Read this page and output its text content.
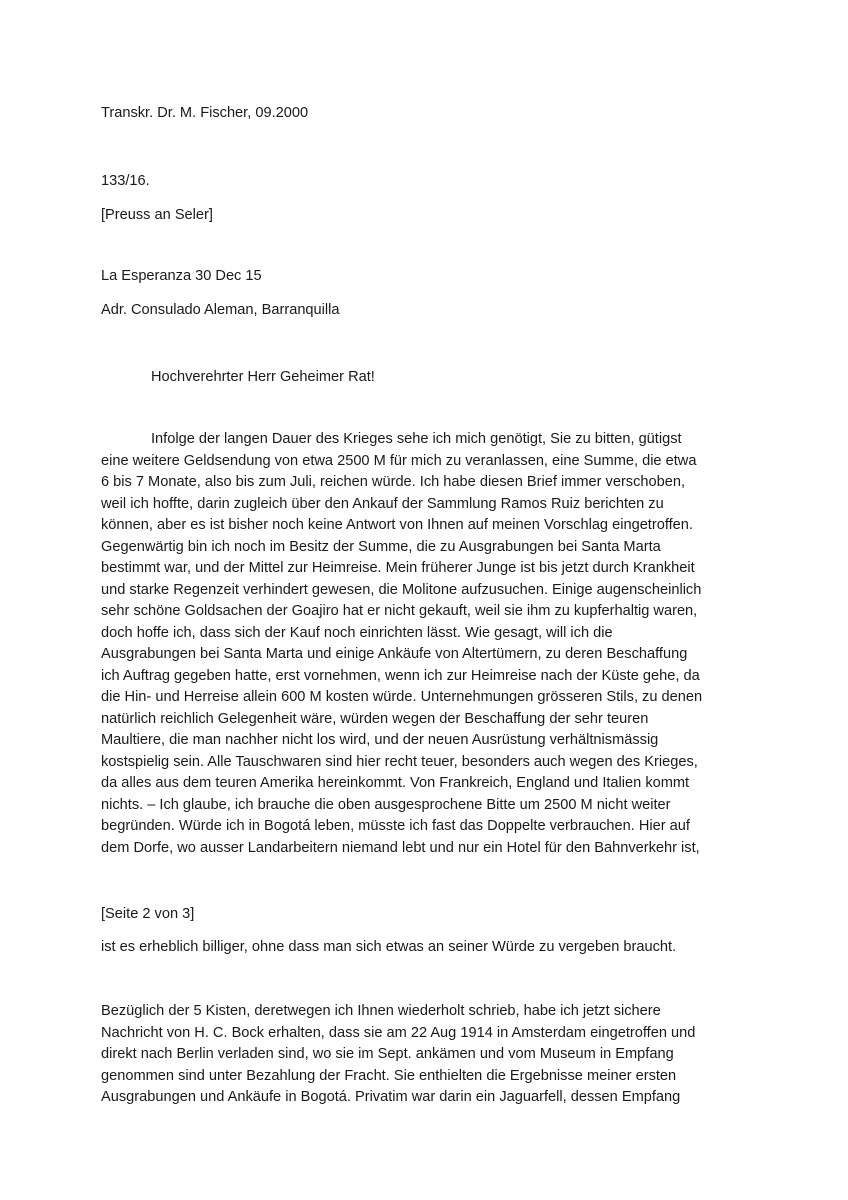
Transkr. Dr. M. Fischer, 09.2000
133/16.
[Preuss an Seler]
La Esperanza 30 Dec 15
Adr. Consulado Aleman, Barranquilla
Hochverehrter Herr Geheimer Rat!

Infolge der langen Dauer des Krieges sehe ich mich genötigt, Sie zu bitten, gütigst

eine weitere Geldsendung von etwa 2500 M für mich zu veranlassen, eine Summe, die etwa

6 bis 7 Monate, also bis zum Juli, reichen würde. Ich habe diesen Brief immer verschoben,

weil ich hoffte, darin zugleich über den Ankauf der Sammlung Ramos Ruiz berichten zu

können, aber es ist bisher noch keine Antwort von Ihnen auf meinen Vorschlag eingetroffen.

Gegenwärtig bin ich noch im Besitz der Summe, die zu Ausgrabungen bei Santa Marta

bestimmt war, und der Mittel zur Heimreise. Mein früherer Junge ist bis jetzt durch Krankheit

und starke Regenzeit verhindert gewesen, die Molitone aufzusuchen. Einige augenscheinlich

sehr schöne Goldsachen der Goajiro hat er nicht gekauft, weil sie ihm zu kupferhaltig waren,

doch hoffe ich, dass sich der Kauf noch einrichten lässt. Wie gesagt, will ich die

Ausgrabungen bei Santa Marta und einige Ankäufe von Altertümern, zu deren Beschaffung

ich Auftrag gegeben hatte, erst vornehmen, wenn ich zur Heimreise nach der Küste gehe, da

die Hin- und Herreise allein 600 M kosten würde. Unternehmungen grösseren Stils, zu denen

natürlich reichlich Gelegenheit wäre, würden wegen der Beschaffung der sehr teuren

Maultiere, die man nachher nicht los wird, und der neuen Ausrüstung verhältnismässig

kostspielig sein. Alle Tauschwaren sind hier recht teuer, besonders auch wegen des Krieges,

da alles aus dem teuren Amerika hereinkommt. Von Frankreich, England und Italien kommt

nichts. – Ich glaube, ich brauche die oben ausgesprochene Bitte um 2500 M nicht weiter

begründen. Würde ich in Bogotá leben, müsste ich fast das Doppelte verbrauchen. Hier auf

dem Dorfe, wo ausser Landarbeitern niemand lebt und nur ein Hotel für den Bahnverkehr ist,

[Seite 2 von 3]
ist es erheblich billiger, ohne dass man sich etwas an seiner Würde zu vergeben braucht.

Bezüglich der 5 Kisten, deretwegen ich Ihnen wiederholt schrieb, habe ich jetzt sichere

Nachricht von H. C. Bock erhalten, dass sie am 22 Aug 1914 in Amsterdam eingetroffen und

direkt nach Berlin verladen sind, wo sie im Sept. ankämen und vom Museum in Empfang

genommen sind unter Bezahlung der Fracht. Sie enthielten die Ergebnisse meiner ersten

Ausgrabungen und Ankäufe in Bogotá. Privatim war darin ein Jaguarfell, dessen Empfang
